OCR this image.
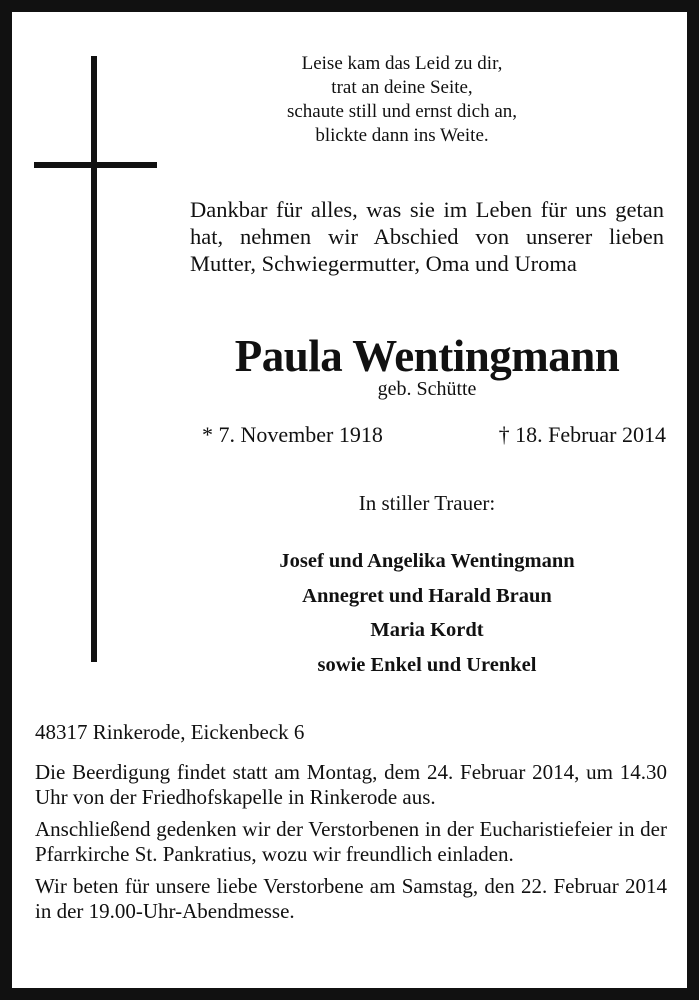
Leise kam das Leid zu dir,
trat an deine Seite,
schaute still und ernst dich an,
blickte dann ins Weite.
Dankbar für alles, was sie im Leben für uns getan hat, nehmen wir Abschied von unserer lieben Mutter, Schwiegermutter, Oma und Uroma
Paula Wentingmann
geb. Schütte
* 7. November 1918	† 18. Februar 2014
In stiller Trauer:
Josef und Angelika Wentingmann
Annegret und Harald Braun
Maria Kordt
sowie Enkel und Urenkel

48317 Rinkerode, Eickenbeck 6

Die Beerdigung findet statt am Montag, dem 24. Februar 2014, um 14.30 Uhr von der Friedhofskapelle in Rinkerode aus.

Anschließend gedenken wir der Verstorbenen in der Eucharistiefeier in der Pfarrkirche St. Pankratius, wozu wir freundlich einladen.

Wir beten für unsere liebe Verstorbene am Samstag, den 22. Februar 2014 in der 19.00-Uhr-Abendmesse.
